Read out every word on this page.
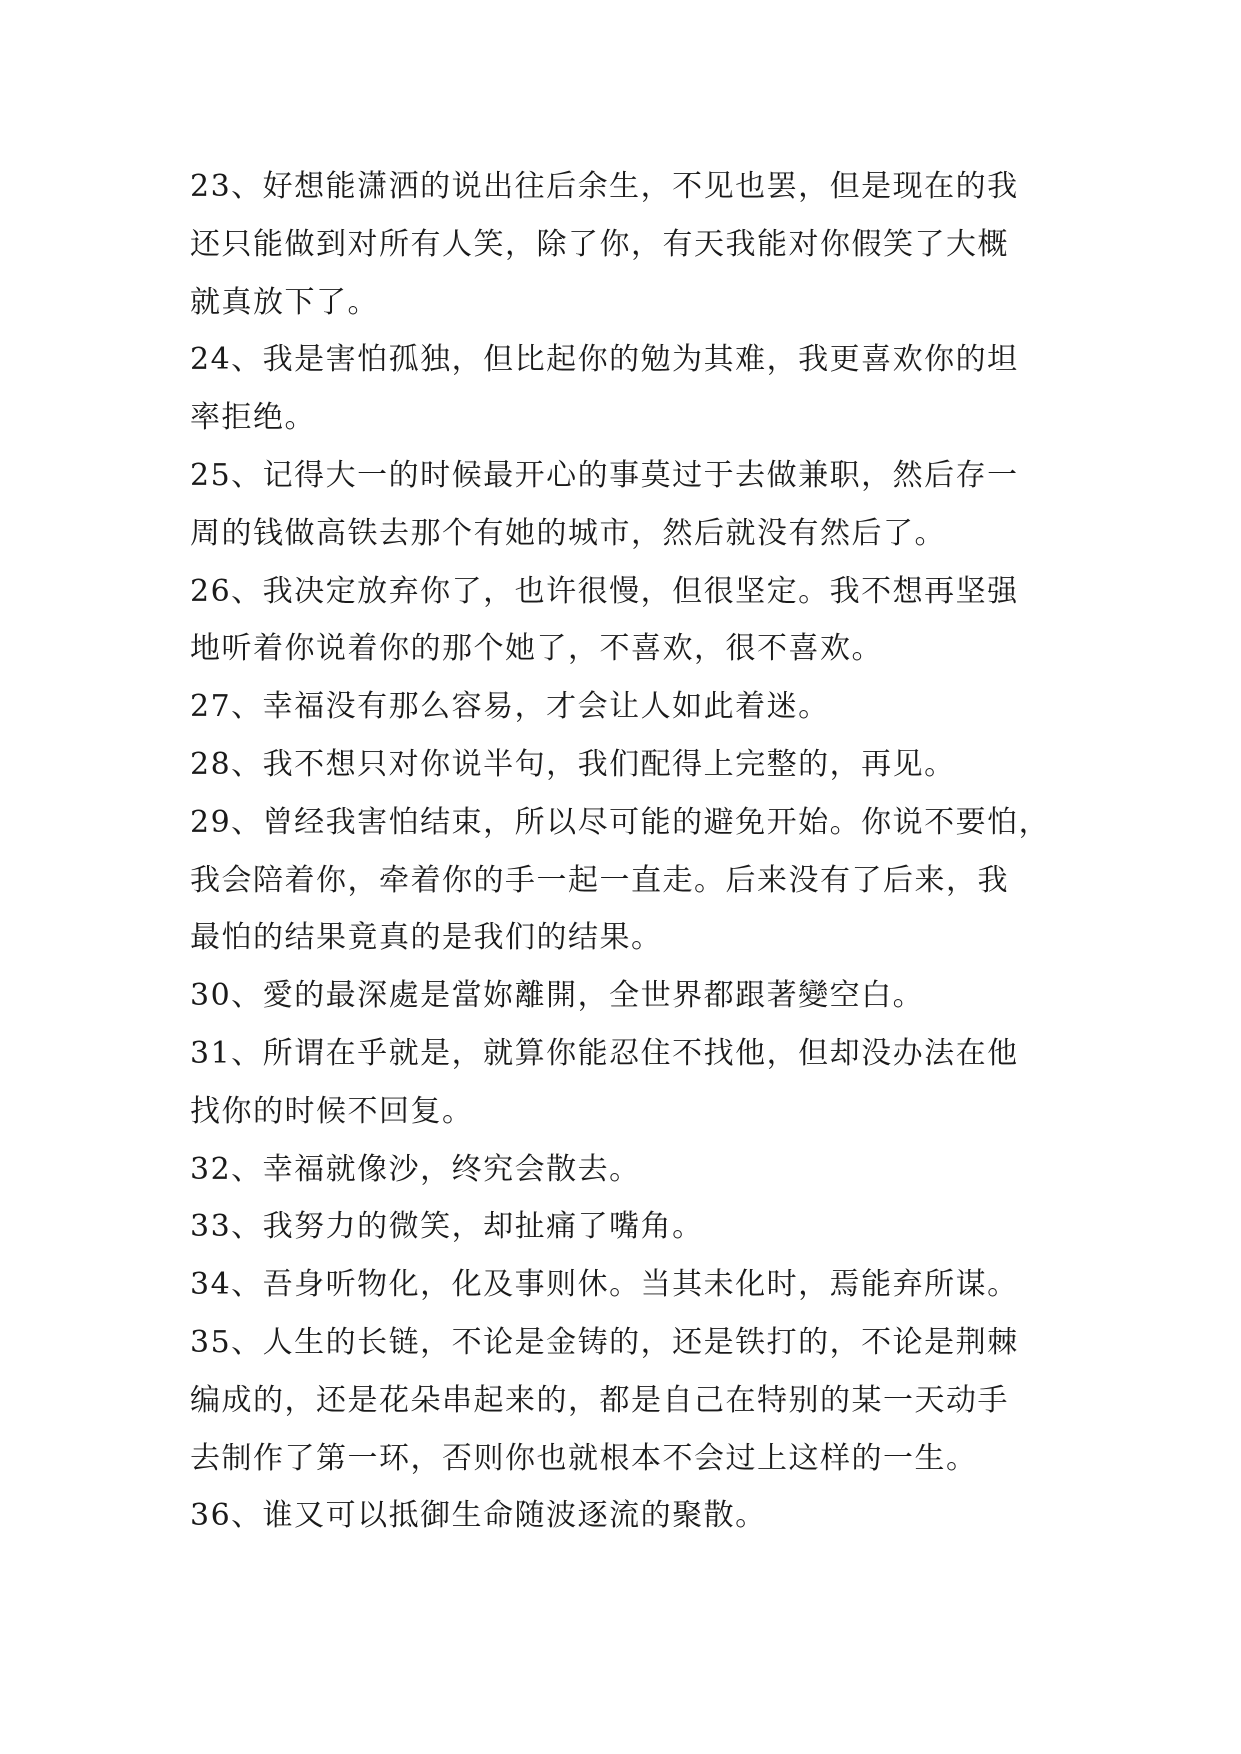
23、好想能潇洒的说出往后余生，不见也罢，但是现在的我
还只能做到对所有人笑，除了你，有天我能对你假笑了大概
就真放下了。
24、我是害怕孤独，但比起你的勉为其难，我更喜欢你的坦
率拒绝。
25、记得大一的时候最开心的事莫过于去做兼职，然后存一
周的钱做高铁去那个有她的城市，然后就没有然后了。
26、我决定放弃你了，也许很慢，但很坚定。我不想再坚强
地听着你说着你的那个她了，不喜欢，很不喜欢。
27、幸福没有那么容易，才会让人如此着迷。
28、我不想只对你说半句，我们配得上完整的，再见。
29、曾经我害怕结束，所以尽可能的避免开始。你说不要怕，
我会陪着你，牵着你的手一起一直走。后来没有了后来，我
最怕的结果竟真的是我们的结果。
30、愛的最深處是當妳離開，全世界都跟著變空白。
31、所谓在乎就是，就算你能忍住不找他，但却没办法在他
找你的时候不回复。
32、幸福就像沙，终究会散去。
33、我努力的微笑，却扯痛了嘴角。
34、吾身听物化，化及事则休。当其未化时，焉能弃所谋。
35、人生的长链，不论是金铸的，还是铁打的，不论是荆棘
编成的，还是花朵串起来的，都是自己在特别的某一天动手
去制作了第一环，否则你也就根本不会过上这样的一生。
36、谁又可以抵御生命随波逐流的聚散。
